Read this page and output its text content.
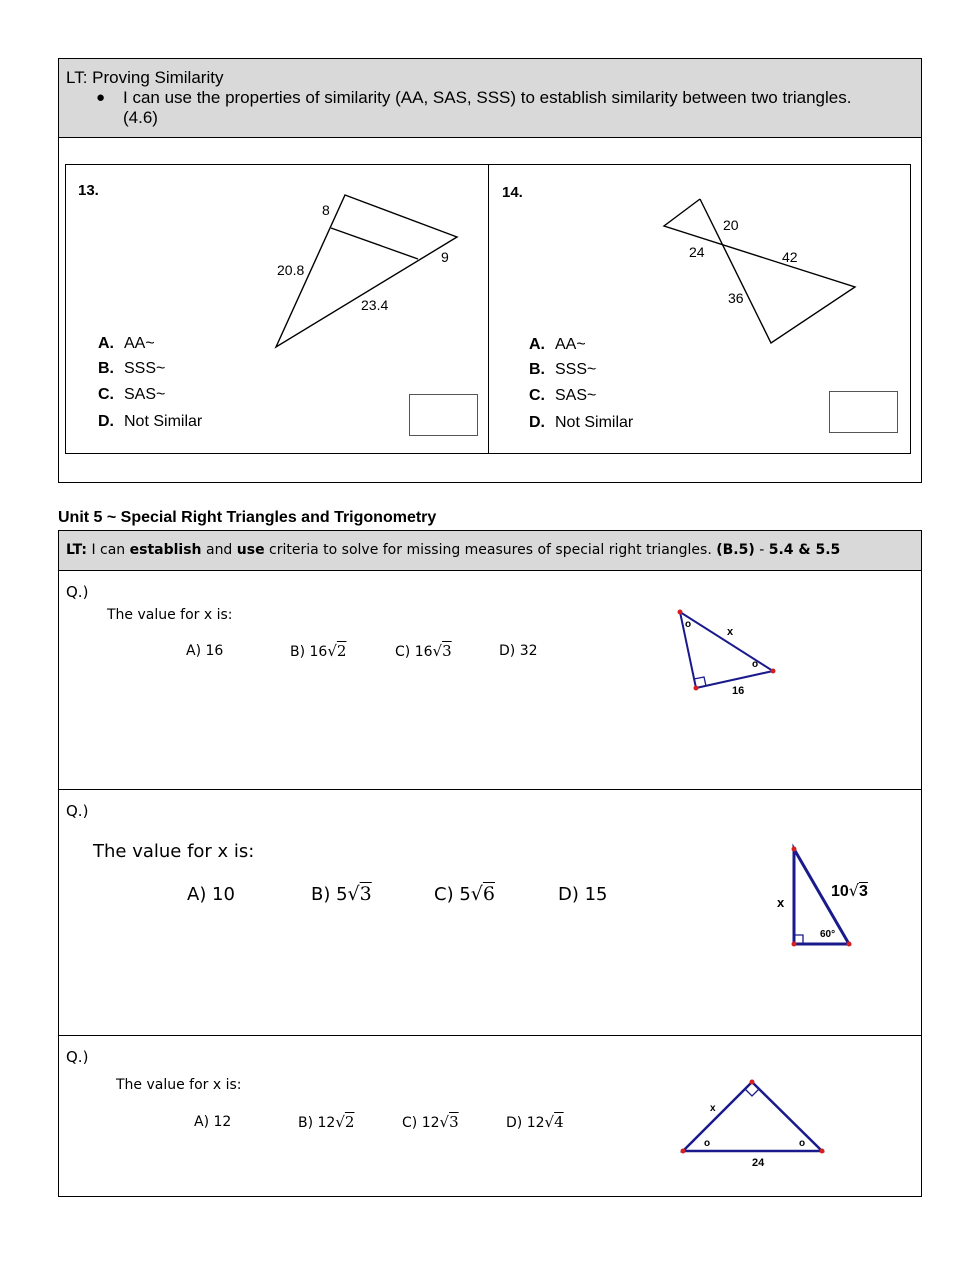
LT: Proving Similarity
● I can use the properties of similarity (AA, SAS, SSS) to establish similarity between two triangles.
(4.6)
13.
8
20.8
9
23.4
A. AA~
B. SSS~
C. SAS~
D. Not Similar
14.
20
24	42
36
A. AA~
B. SSS~
C. SAS~
D. Not Similar
Unit 5 ~ Special Right Triangles and Trigonometry
LT: I can establish and use criteria to solve for missing measures of special right triangles. (B.5) - 5.4 & 5.5
Q.)
The value for x is:
A) 16	B) 16√2	C) 16√3	D) 32
x
16
o
o
Q.)
The value for x is:
A) 10	B) 5√3	C) 5√6	D) 15	x
10√3
60°
Q.)
The value for x is:
A) 12	B) 12√2	C) 12√3	D) 12√4
x
24
o	o
